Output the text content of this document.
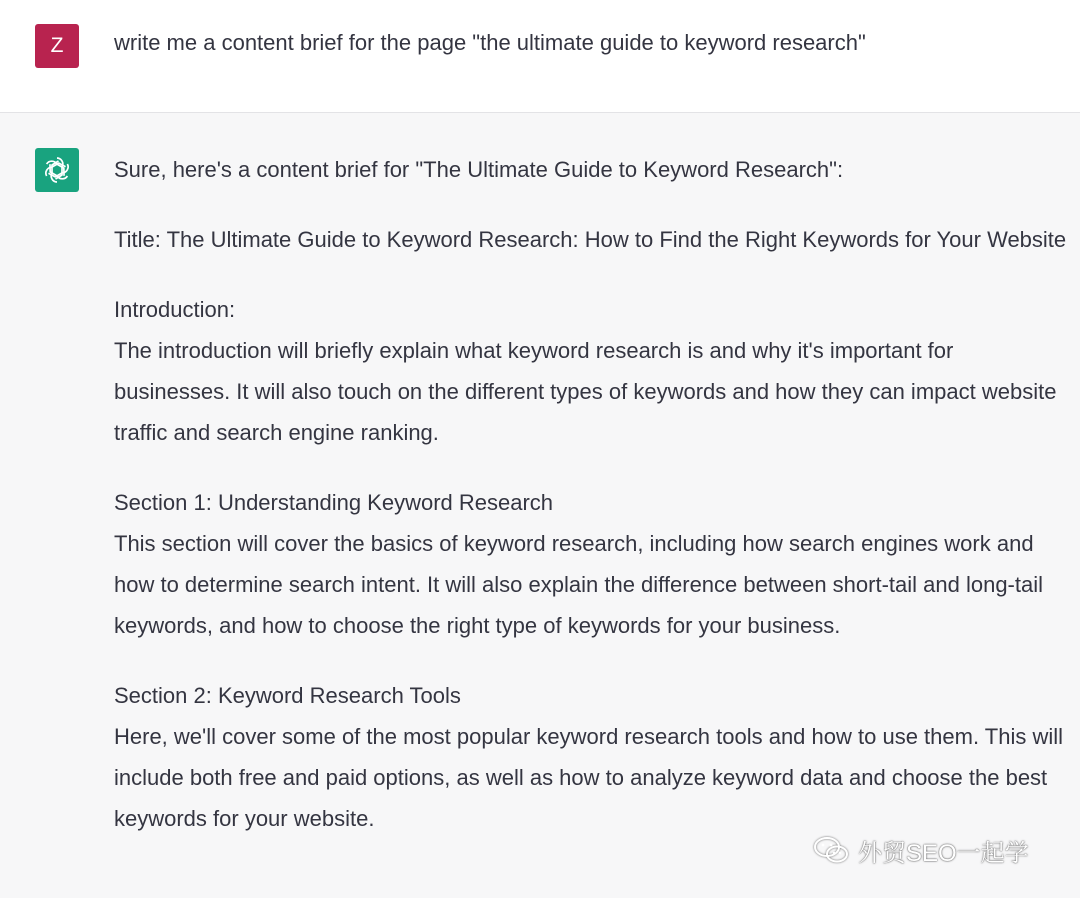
Z	write me a content brief for the page "the ultimate guide to keyword research"

Sure, here's a content brief for "The Ultimate Guide to Keyword Research":

Title: The Ultimate Guide to Keyword Research: How to Find the Right Keywords for Your Website

Introduction:
The introduction will briefly explain what keyword research is and why it's important for businesses. It will also touch on the different types of keywords and how they can impact website traffic and search engine ranking.

Section 1: Understanding Keyword Research
This section will cover the basics of keyword research, including how search engines work and how to determine search intent. It will also explain the difference between short-tail and long-tail keywords, and how to choose the right type of keywords for your business.

Section 2: Keyword Research Tools
Here, we'll cover some of the most popular keyword research tools and how to use them. This will include both free and paid options, as well as how to analyze keyword data and choose the best keywords for your website.

外贸SEO一起学
